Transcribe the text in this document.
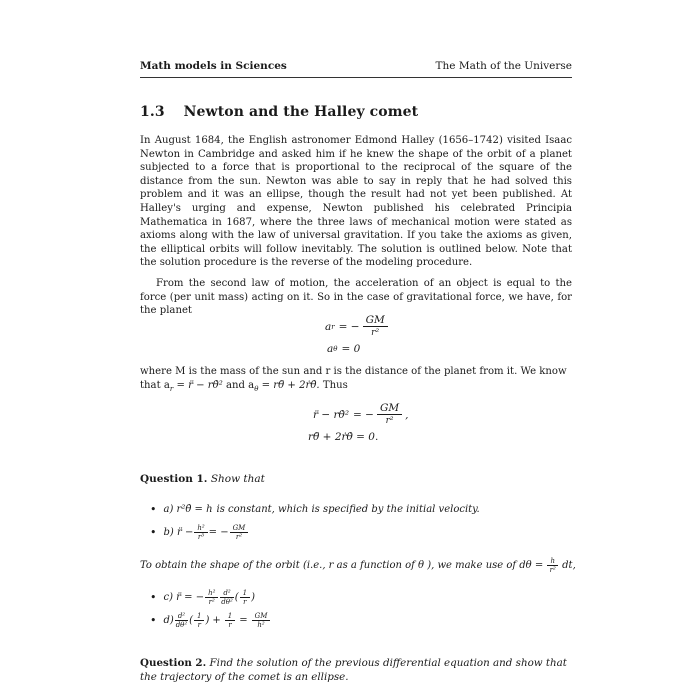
Math models in Sciences	The Math of the Universe
1.3 Newton and the Halley comet
In August 1684, the English astronomer Edmond Halley (1656–1742) visited Isaac Newton in Cambridge and asked him if he knew the shape of the orbit of a planet subjected to a force that is proportional to the reciprocal of the square of the distance from the sun. Newton was able to say in reply that he had solved this problem and it was an ellipse, though the result had not yet been published. At Halley's urging and expense, Newton published his celebrated Principia Mathematica in 1687, where the three laws of mechanical motion were stated as axioms along with the law of universal gravitation. If you take the axioms as given, the elliptical orbits will follow inevitably. The solution is outlined below. Note that the solution procedure is the reverse of the modeling procedure.
From the second law of motion, the acceleration of an object is equal to the force (per unit mass) acting on it. So in the case of gravitational force, we have, for the planet
a r = − $\frac{GM}{\text{r²}}$
a θ = 0
where M is the mass of the sun and r is the distance of the planet from it. We know
that $a_r$ = r̈ − rθ̇² and $a_\theta$ = rθ̈ + 2ṙθ̇. Thus
r̈ − rθ̇² = − $\frac{GM}{\text{r²}}$ ,
rθ̈ + 2ṙθ̇ = 0.
Question 1. Show that
• a) r²θ̇ = h is constant, which is specified by the initial velocity.
• b) r̈ − $\frac{\text{h²}}{\text{r³}}$ = − $\frac{GM}{\text{r²}}$
To obtain the shape of the orbit (i.e., r as a function of θ ), we make use of $d\theta = \frac{h}{\text{r²}}$ dt,
• c) r̈ = − $\frac{\text{h²}}{\text{r²}} \frac{\text{d²}}{\text{dθ²}}$ ( $\frac{1}{r}$ )
• $d) \frac{\text{d²}}{\text{dθ²}}$ ( $\frac{1}{r}$ ) + $\frac{1}{r} = \frac{GM}{\text{h²}}$
Question 2. Find the solution of the previous differential equation and show that the trajectory of the comet is an ellipse.
